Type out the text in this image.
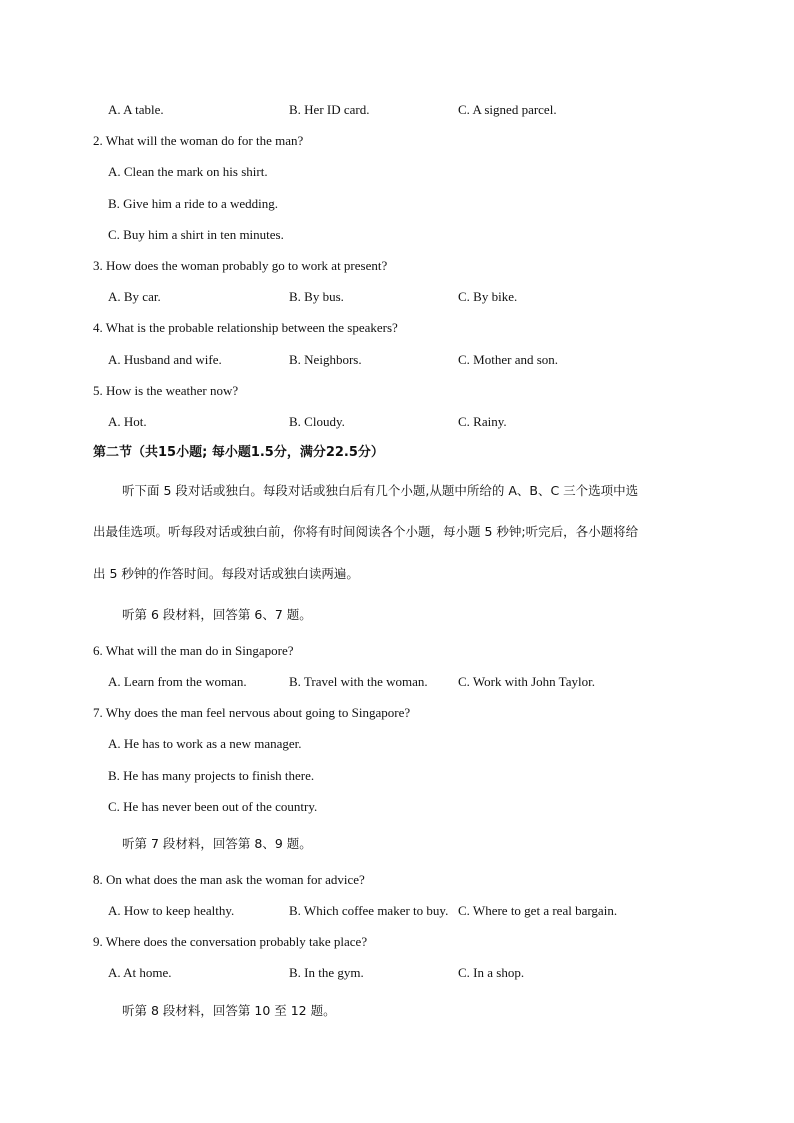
A. A table.	B. Her ID card.	C. A signed parcel.
2. What will the woman do for the man?
A. Clean the mark on his shirt.
B. Give him a ride to a wedding.
C. Buy him a shirt in ten minutes.
3. How does the woman probably go to work at present?
A. By car.	B. By bus.	C. By bike.
4. What is the probable relationship between the speakers?
A. Husband and wife.	B. Neighbors.	C. Mother and son.
5. How is the weather now?
A. Hot.	B. Cloudy.	C. Rainy.
第二节（共15小题; 每小题1.5分，满分22.5分）
听下面 5 段对话或独白。每段对话或独白后有几个小题,从题中所给的 A、B、C 三个选项中选
出最佳选项。听每段对话或独白前，你将有时间阅读各个小题，每小题 5 秒钟;听完后，各小题将给
出 5 秒钟的作答时间。每段对话或独白读两遍。
听第 6 段材料，回答第 6、7 题。
6. What will the man do in Singapore?
A. Learn from the woman.	B. Travel with the woman. C. Work with John Taylor.
7. Why does the man feel nervous about going to Singapore?
A. He has to work as a new manager.
B. He has many projects to finish there.
C. He has never been out of the country.
听第 7 段材料，回答第 8、9 题。
8. On what does the man ask the woman for advice?
A. How to keep healthy.	B. Which coffee maker to buy. C. Where to get a real bargain.
9. Where does the conversation probably take place?
A. At home.	B. In the gym.	C. In a shop.
听第 8 段材料，回答第 10 至 12 题。
